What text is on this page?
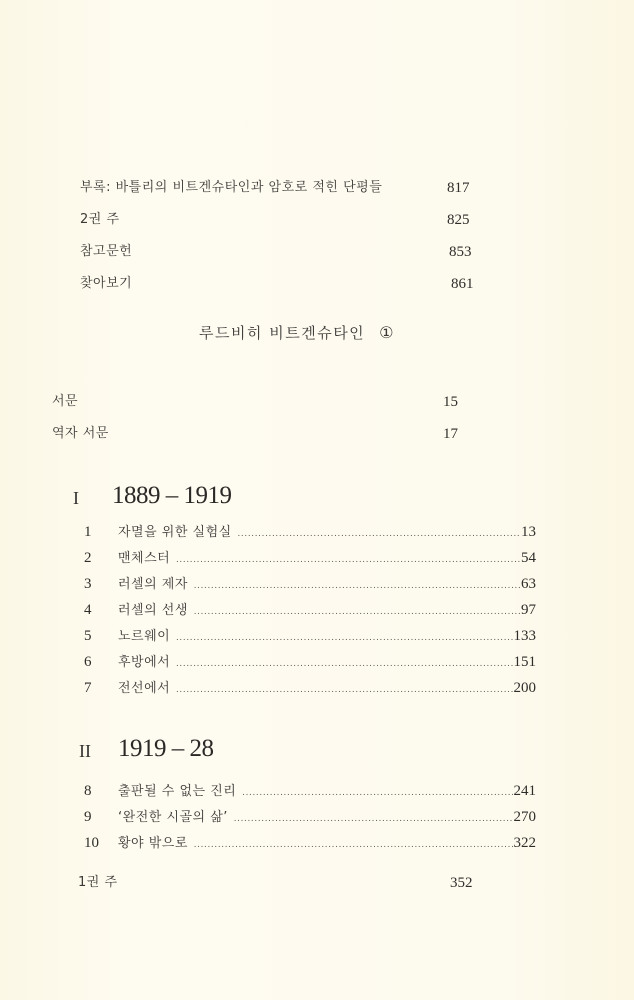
부록: 바틀리의 비트겐슈타인과 암호로 적힌 단평들	817
2권 주	825
참고문헌	853
찾아보기	861
루드비히 비트겐슈타인 ①
서문	15
역자 서문	17
I 1889 – 1919
1	자멸을 위한 실험실 .....	13
2	맨체스터 .....	54
3	러셀의 제자 .....	63
4	러셀의 선생 .....	97
5	노르웨이 .....	133
6	후방에서 .....	151
7	전선에서 .....	200
II 1919 – 28
8	출판될 수 없는 진리 .....	241
9	‘완전한 시골의 삶’ .....	270
10	황야 밖으로 .....	322
1권 주	352
